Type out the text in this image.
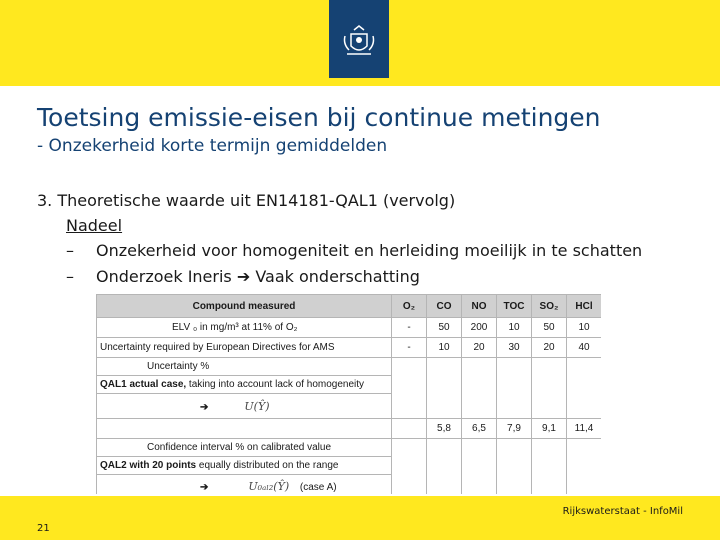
Toetsing emissie-eisen bij continue metingen
- Onzekerheid korte termijn gemiddelden
3. Theoretische waarde uit EN14181-QAL1 (vervolg)
Nadeel
– Onzekerheid voor homogeniteit en herleiding moeilijk in te schatten
– Onderzoek Ineris ➔ Vaak onderschatting
Compound measured	O₂	CO	NO	TOC	SO₂	HCl
ELV ₀ in mg/m³ at 11% of O₂	-	50	200	10	50	10
Uncertainty required by European Directives for AMS	-	10	20	30	20	40
Uncertainty %						
QAL1 actual case, taking into account lack of homogeneity						
➔ U(Ŷ)						
		5,8	6,5	7,9	9,1	11,4
Confidence interval % on calibrated value						
QAL2 with 20 points equally distributed on the range						
➔ U₀ₐₗ₂(Ŷ) (case A)						

Rijkswaterstaat - InfoMil
21
